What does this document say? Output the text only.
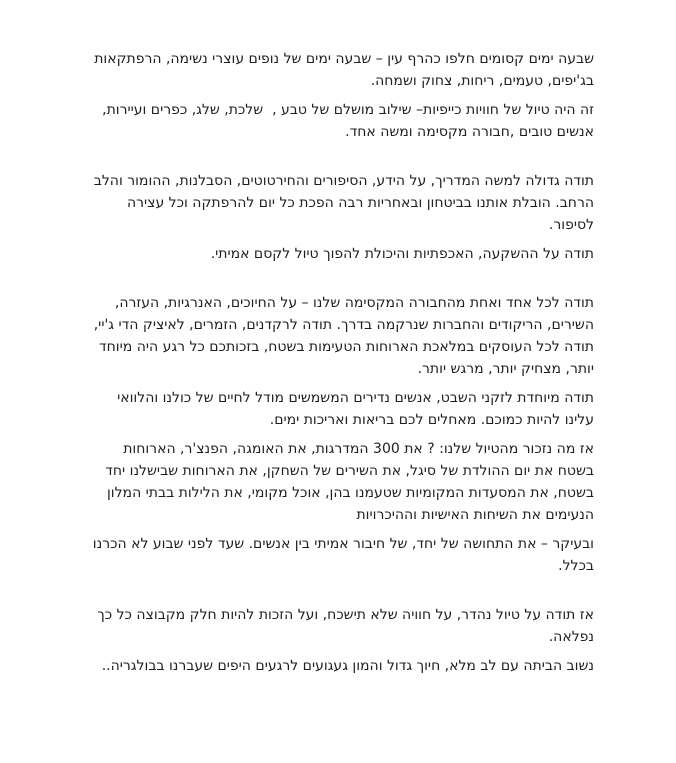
שבעה ימים קסומים חלפו כהרף עין – שבעה ימים של נופים עוצרי נשימה, הרפתקאות בג'יפים, טעמים, ריחות, צחוק ושמחה.

זה היה טיול של חוויות כייפיות– שילוב מושלם של טבע ,  שלכת, שלג, כפרים ועיירות, אנשים טובים ,חבורה מקסימה ומשה אחד.

תודה גדולה למשה המדריך, על הידע, הסיפורים והחירטוטים, הסבלנות, ההומור והלב הרחב. הובלת אותנו בביטחון ובאחריות רבה הפכת כל יום להרפתקה וכל עצירה לסיפור.

תודה על ההשקעה, האכפתיות והיכולת להפוך טיול לקסם אמיתי.

תודה לכל אחד ואחת מהחבורה המקסימה שלנו – על החיוכים, האנרגיות, העזרה, השירים, הריקודים והחברות שנרקמה בדרך. תודה לרקדנים, הזמרים, לאיציק הדי ג'יי,  תודה לכל העוסקים במלאכת הארוחות הטעימות בשטח, בזכותכם כל רגע היה מיוחד יותר, מצחיק יותר, מרגש יותר.

תודה מיוחדת לזקני השבט, אנשים נדירים המשמשים מודל לחיים של כולנו והלוואי עלינו להיות כמוכם. מאחלים לכם בריאות ואריכות ימים.

אז מה נזכור מהטיול שלנו: ? את 300 המדרגות, את האומגה, הפנצ'ר, הארוחות בשטח את יום ההולדת של סיגל, את השירים של השחקן, את הארוחות שבישלנו יחד בשטח, את המסעדות המקומיות שטעמנו בהן, אוכל מקומי, את הלילות בבתי המלון הנעימים את השיחות האישיות וההיכרויות

ובעיקר – את התחושה של יחד, של חיבור אמיתי בין אנשים. שעד לפני שבוע לא הכרנו בכלל.

אז תודה על טיול נהדר, על חוויה שלא תישכח, ועל הזכות להיות חלק מקבוצה כל כך נפלאה.

נשוב הביתה עם לב מלא, חיוך גדול והמון געגועים לרגעים היפים שעברנו בבולגריה..
